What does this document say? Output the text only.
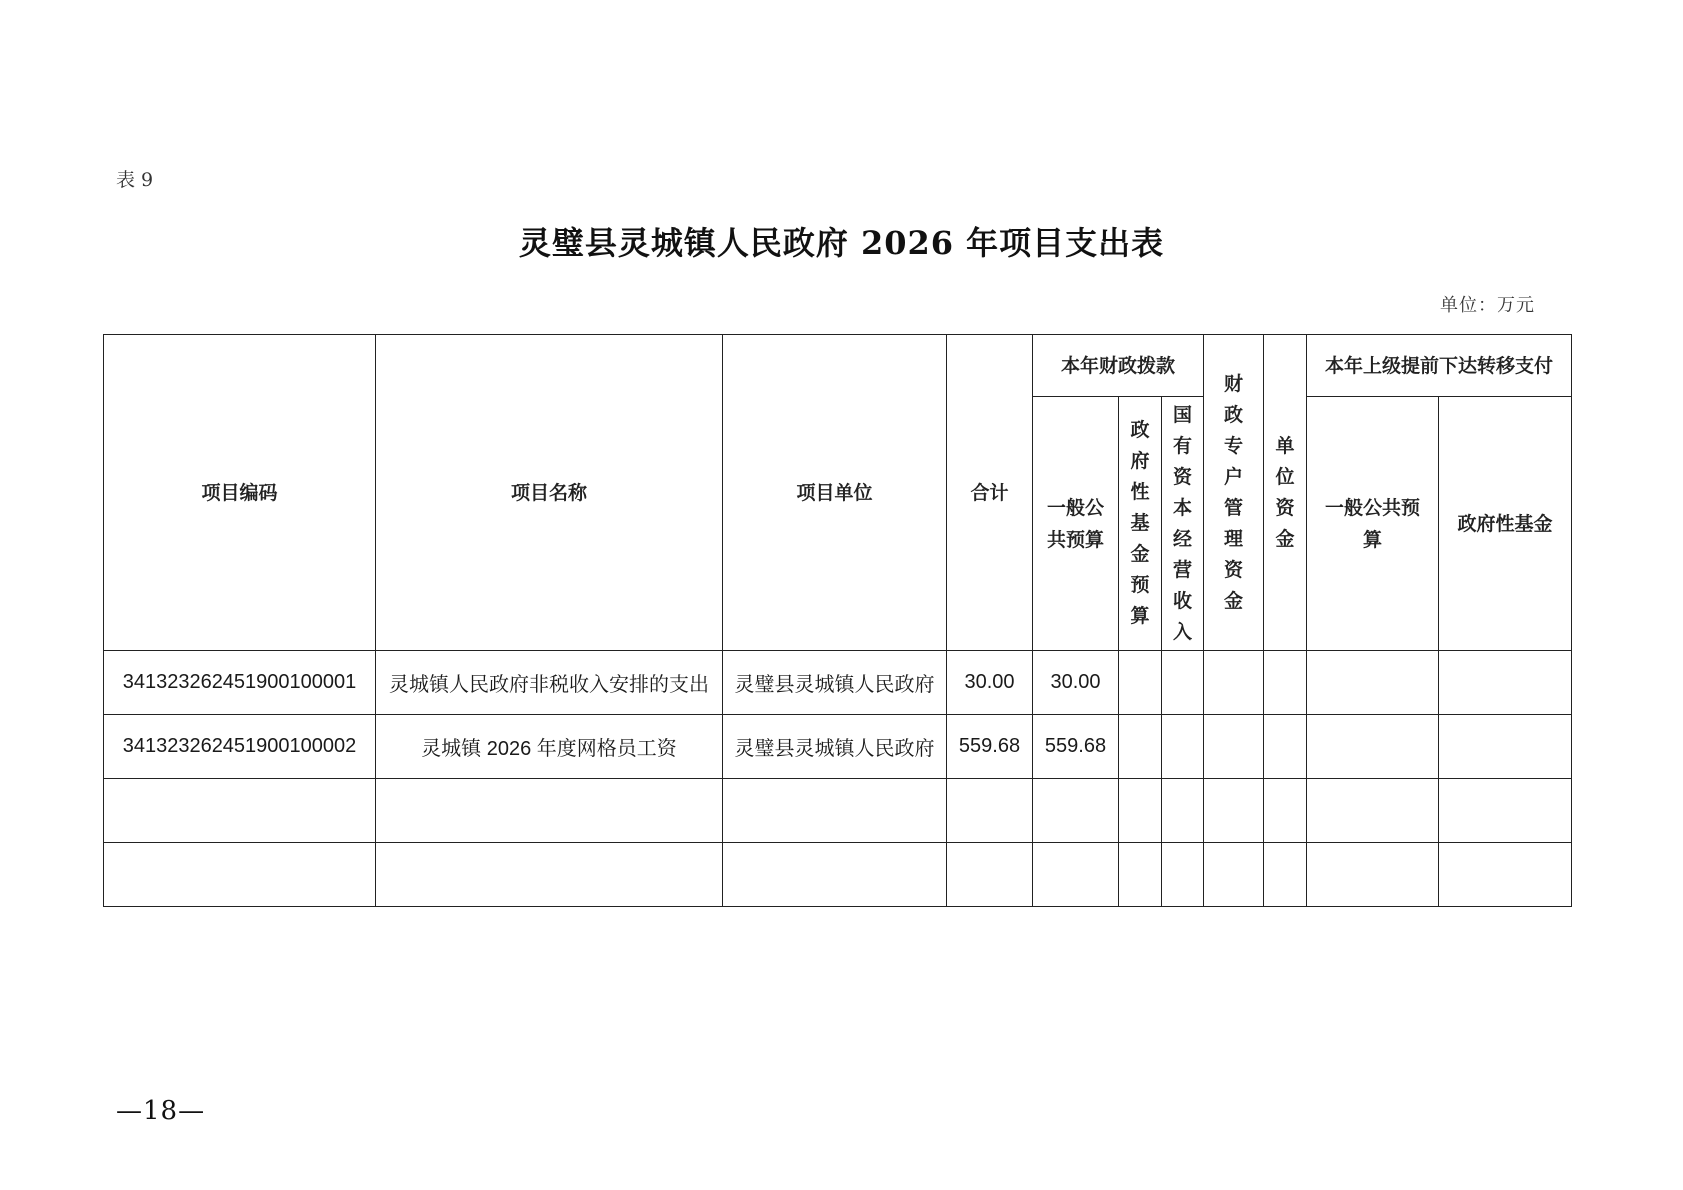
表 9
灵璧县灵城镇人民政府 2026 年项目支出表
单位：万元
项目编码	项目名称	项目单位	合计	本年财政拨款			财政专户管理资金	单位资金	本年上级提前下达转移支付	
				一般公共预算	政府性基金预算	国有资本经营收入			一般公共预算	政府性基金
341323262451900100001	灵城镇人民政府非税收入安排的支出	灵璧县灵城镇人民政府	30.00	30.00						
341323262451900100002	灵城镇 2026 年度网格员工资	灵璧县灵城镇人民政府	559.68	559.68						

—18—
